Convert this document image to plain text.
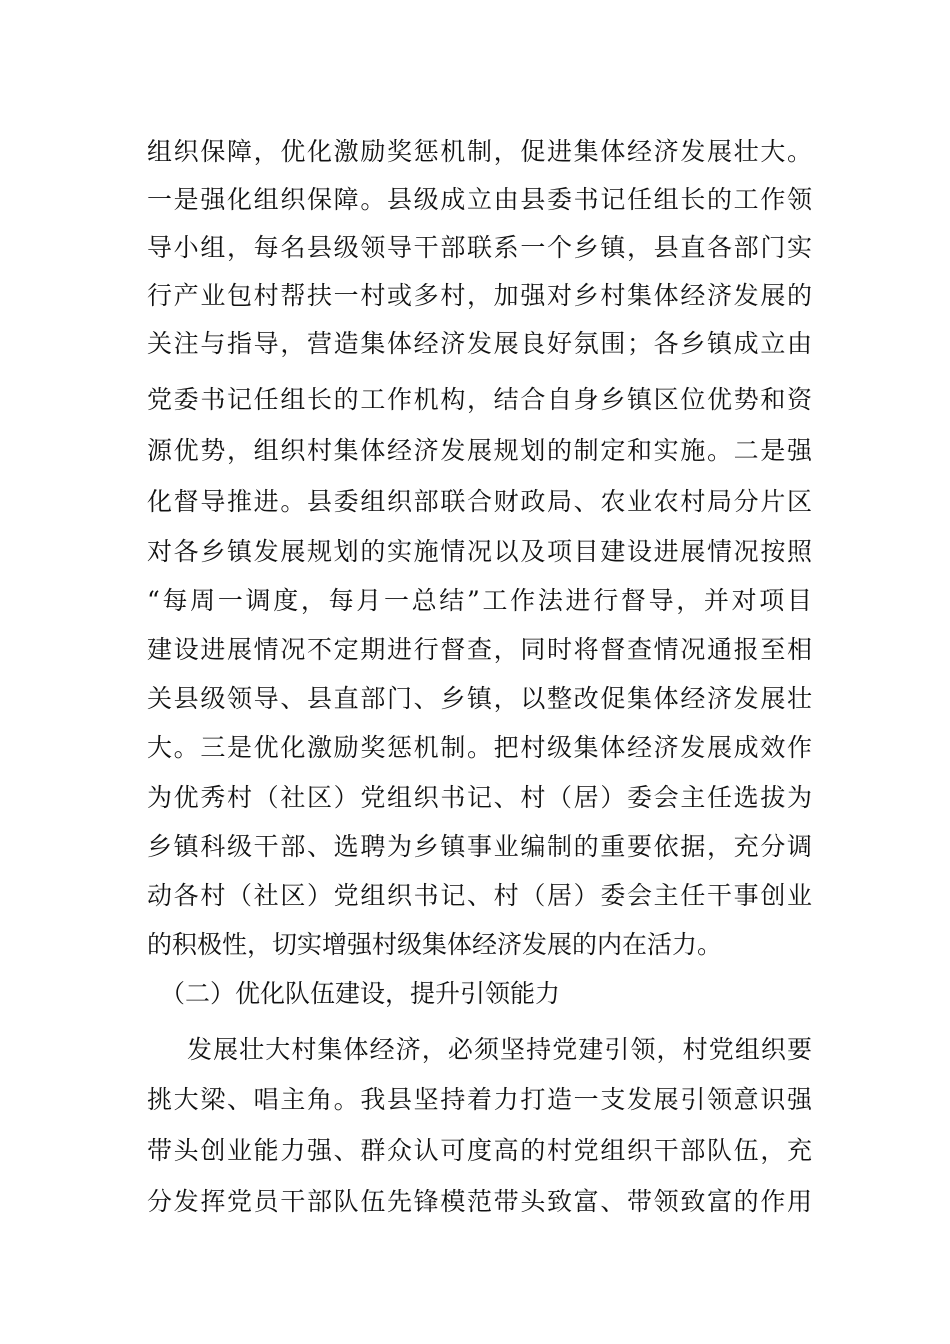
组织保障，优化激励奖惩机制，促进集体经济发展壮大。
一是强化组织保障。县级成立由县委书记任组长的工作领
导小组，每名县级领导干部联系一个乡镇，县直各部门实
行产业包村帮扶一村或多村，加强对乡村集体经济发展的
关注与指导，营造集体经济发展良好氛围；各乡镇成立由
党委书记任组长的工作机构，结合自身乡镇区位优势和资
源优势，组织村集体经济发展规划的制定和实施。二是强
化督导推进。县委组织部联合财政局、农业农村局分片区
对各乡镇发展规划的实施情况以及项目建设进展情况按照
“每周一调度，每月一总结”工作法进行督导，并对项目
建设进展情况不定期进行督查，同时将督查情况通报至相
关县级领导、县直部门、乡镇，以整改促集体经济发展壮
大。三是优化激励奖惩机制。把村级集体经济发展成效作
为优秀村（社区）党组织书记、村（居）委会主任选拔为
乡镇科级干部、选聘为乡镇事业编制的重要依据，充分调
动各村（社区）党组织书记、村（居）委会主任干事创业
的积极性，切实增强村级集体经济发展的内在活力。
（二）优化队伍建设，提升引领能力
发展壮大村集体经济，必须坚持党建引领，村党组织要
挑大梁、唱主角。我县坚持着力打造一支发展引领意识强
带头创业能力强、群众认可度高的村党组织干部队伍，充
分发挥党员干部队伍先锋模范带头致富、带领致富的作用
